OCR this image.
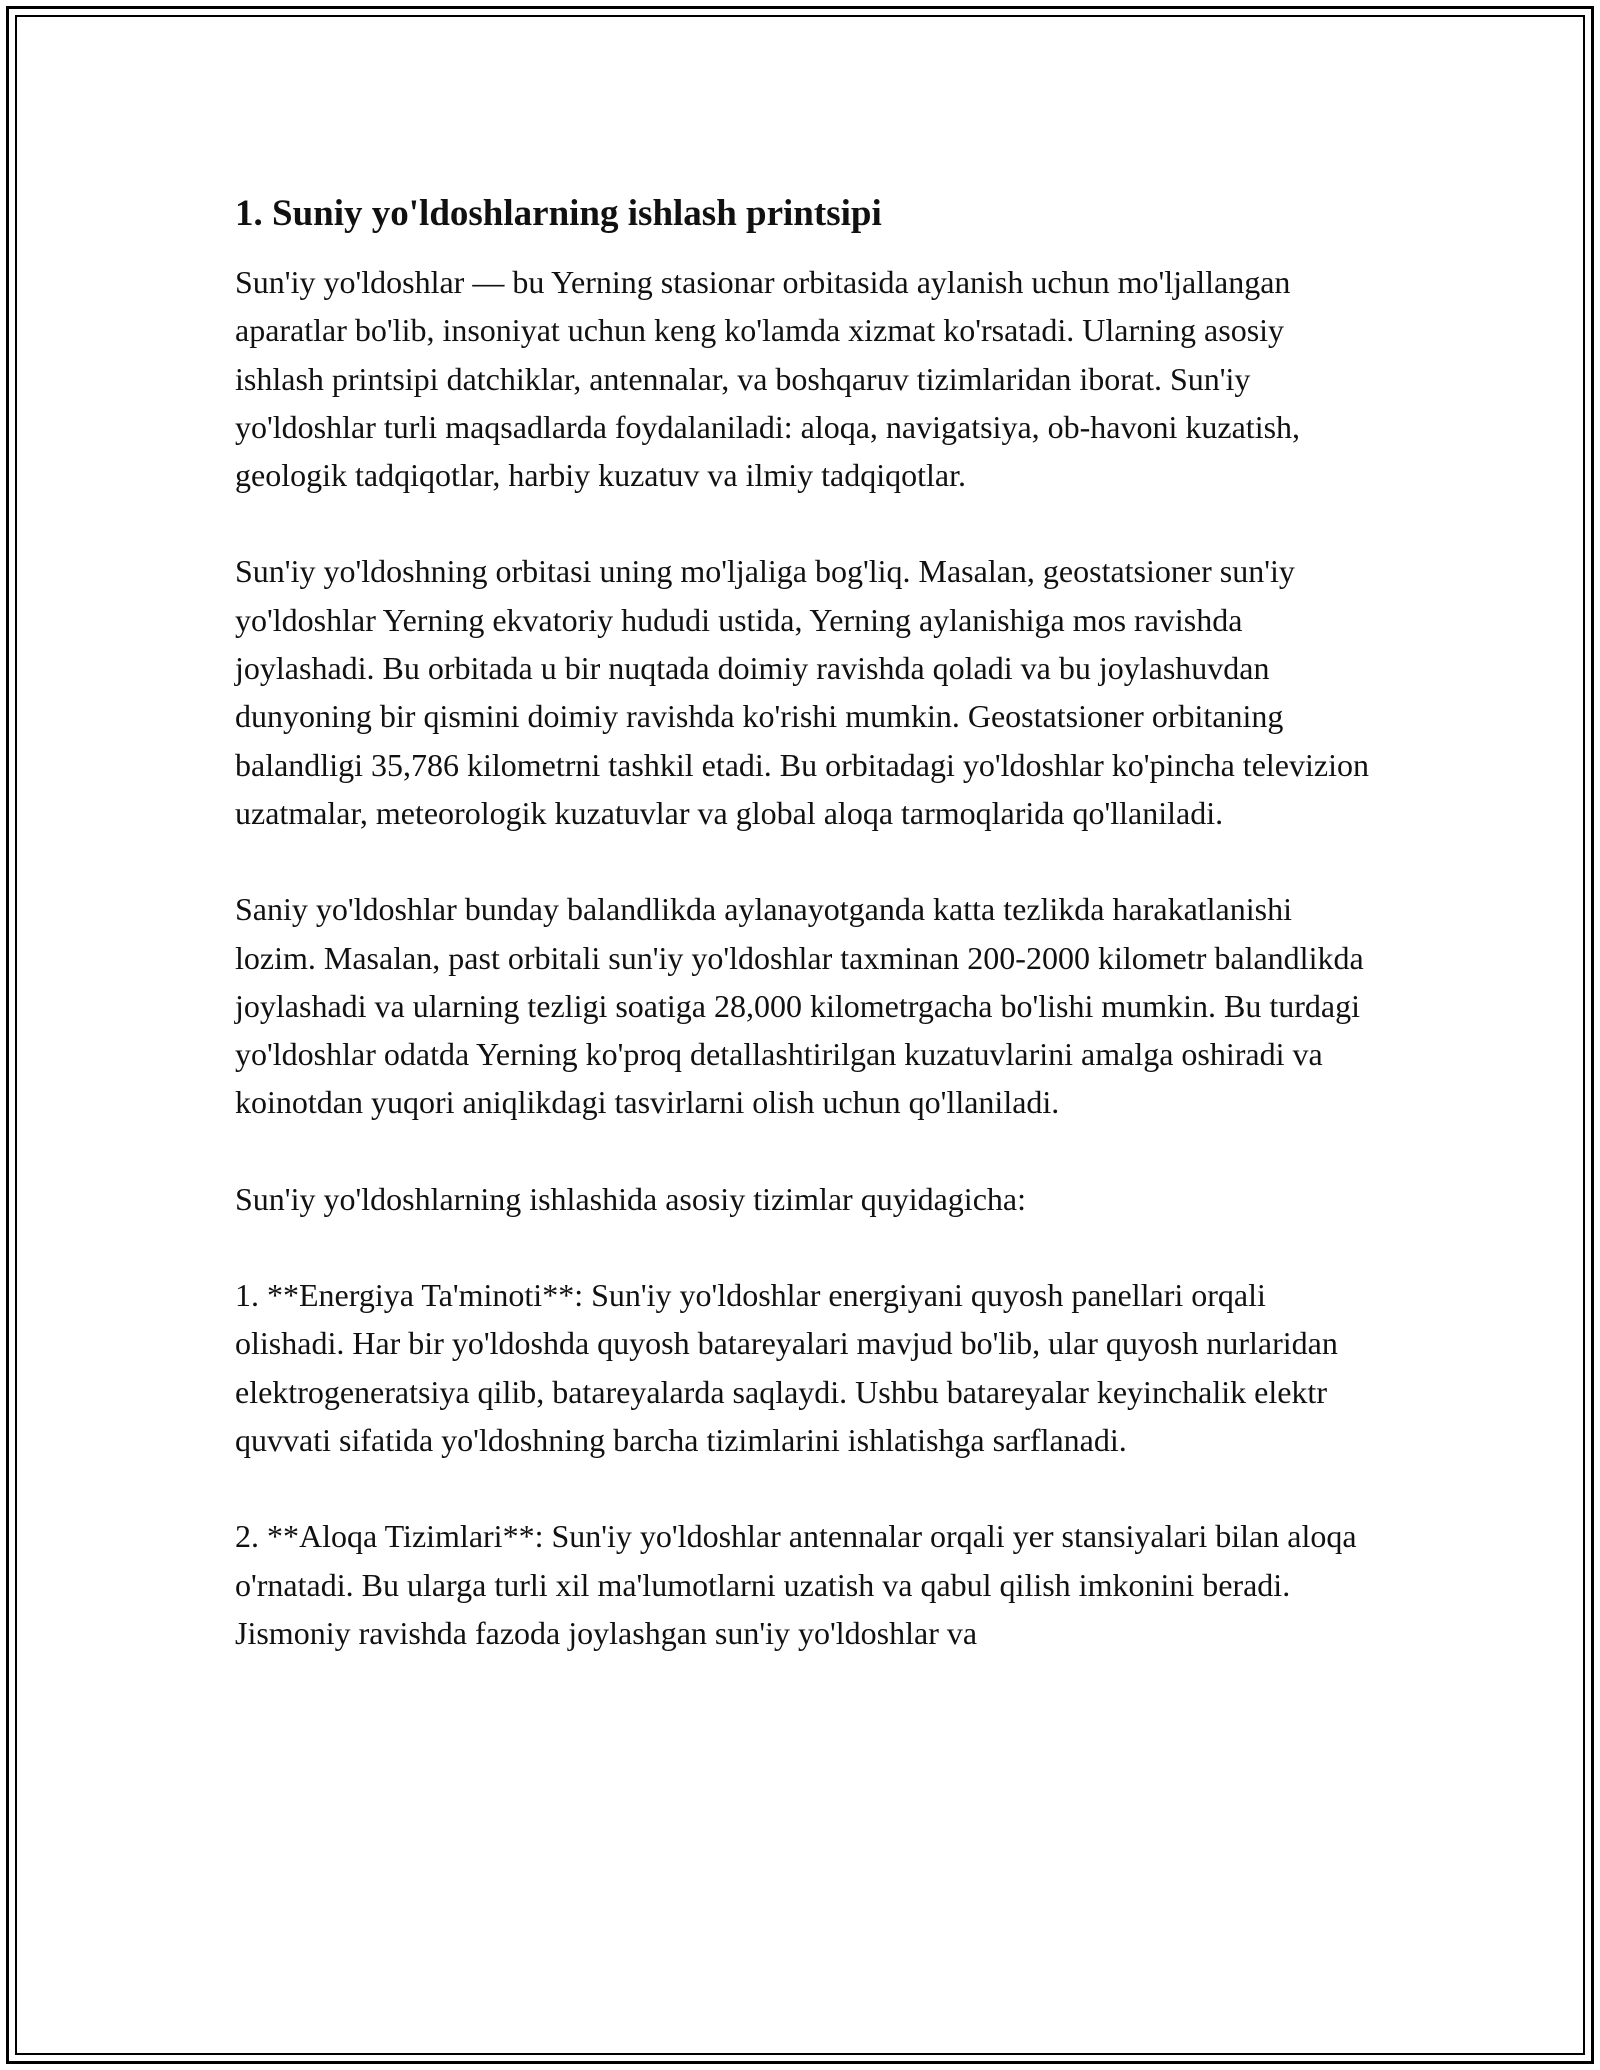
1. Suniy yo'ldoshlarning ishlash printsipi

Sun'iy yo'ldoshlar — bu Yerning stasionar orbitasida aylanish uchun mo'ljallangan aparatlar bo'lib, insoniyat uchun keng ko'lamda xizmat ko'rsatadi. Ularning asosiy ishlash printsipi datchiklar, antennalar, va boshqaruv tizimlaridan iborat. Sun'iy yo'ldoshlar turli maqsadlarda foydalaniladi: aloqa, navigatsiya, ob-havoni kuzatish, geologik tadqiqotlar, harbiy kuzatuv va ilmiy tadqiqotlar.

Sun'iy yo'ldoshning orbitasi uning mo'ljaliga bog'liq. Masalan, geostatsioner sun'iy yo'ldoshlar Yerning ekvatoriy hududi ustida, Yerning aylanishiga mos ravishda joylashadi. Bu orbitada u bir nuqtada doimiy ravishda qoladi va bu joylashuvdan dunyoning bir qismini doimiy ravishda ko'rishi mumkin. Geostatsioner orbitaning balandligi 35,786 kilometrni tashkil etadi. Bu orbitadagi yo'ldoshlar ko'pincha televizion uzatmalar, meteorologik kuzatuvlar va global aloqa tarmoqlarida qo'llaniladi.

Saniy yo'ldoshlar bunday balandlikda aylanayotganda katta tezlikda harakatlanishi lozim. Masalan, past orbitali sun'iy yo'ldoshlar taxminan 200-2000 kilometr balandlikda joylashadi va ularning tezligi soatiga 28,000 kilometrgacha bo'lishi mumkin. Bu turdagi yo'ldoshlar odatda Yerning ko'proq detallashtirilgan kuzatuvlarini amalga oshiradi va koinotdan yuqori aniqlikdagi tasvirlarni olish uchun qo'llaniladi.

Sun'iy yo'ldoshlarning ishlashida asosiy tizimlar quyidagicha:

1. **Energiya Ta'minoti**: Sun'iy yo'ldoshlar energiyani quyosh panellari orqali olishadi. Har bir yo'ldoshda quyosh batareyalari mavjud bo'lib, ular quyosh nurlaridan elektrogeneratsiya qilib, batareyalarda saqlaydi. Ushbu batareyalar keyinchalik elektr quvvati sifatida yo'ldoshning barcha tizimlarini ishlatishga sarflanadi.

2. **Aloqa Tizimlari**: Sun'iy yo'ldoshlar antennalar orqali yer stansiyalari bilan aloqa o'rnatadi. Bu ularga turli xil ma'lumotlarni uzatish va qabul qilish imkonini beradi. Jismoniy ravishda fazoda joylashgan sun'iy yo'ldoshlar va
